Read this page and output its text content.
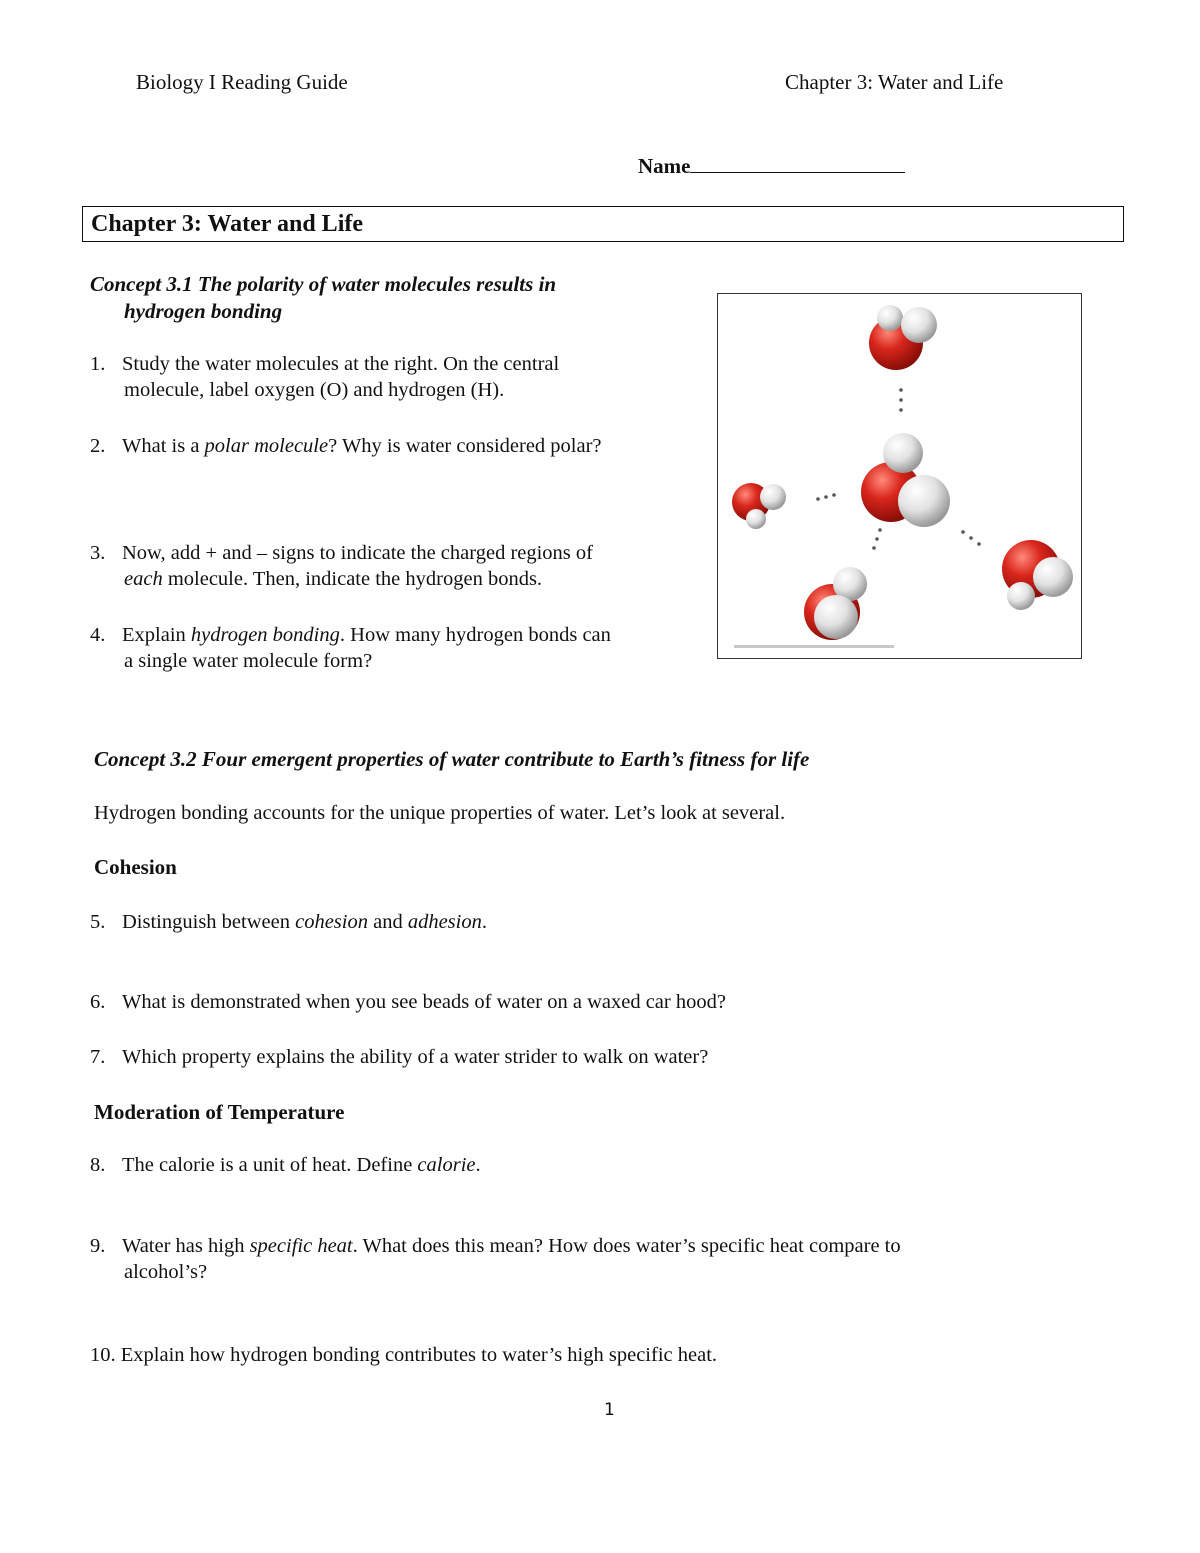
Biology I Reading Guide	Chapter 3: Water and Life
Name
Chapter 3: Water and Life
Concept 3.1 The polarity of water molecules results in
hydrogen bonding
1. Study the water molecules at the right. On the central
molecule, label oxygen (O) and hydrogen (H).
2. What is a polar molecule? Why is water considered polar?
3. Now, add + and – signs to indicate the charged regions of
each molecule. Then, indicate the hydrogen bonds.
4. Explain hydrogen bonding. How many hydrogen bonds can
a single water molecule form?
Concept 3.2 Four emergent properties of water contribute to Earth’s fitness for life
Hydrogen bonding accounts for the unique properties of water. Let’s look at several.
Cohesion
5. Distinguish between cohesion and adhesion.
6. What is demonstrated when you see beads of water on a waxed car hood?
7. Which property explains the ability of a water strider to walk on water?
Moderation of Temperature
8. The calorie is a unit of heat. Define calorie.
9. Water has high specific heat. What does this mean? How does water’s specific heat compare to
alcohol’s?
10. Explain how hydrogen bonding contributes to water’s high specific heat.
1
